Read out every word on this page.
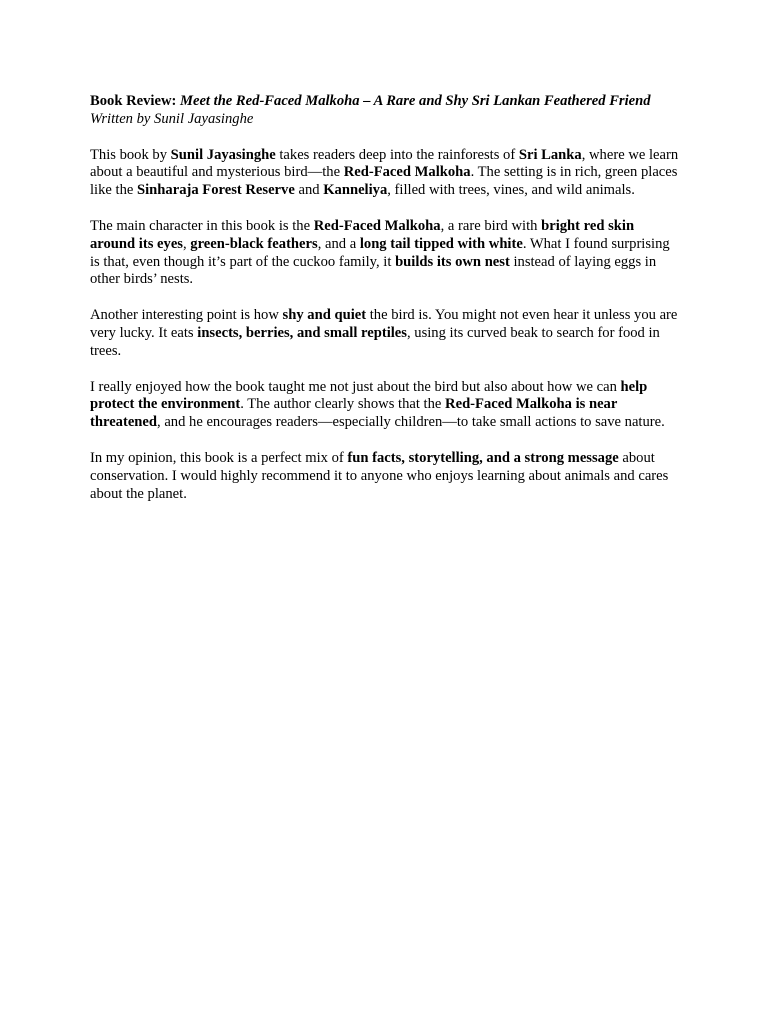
Book Review: Meet the Red-Faced Malkoha – A Rare and Shy Sri Lankan Feathered Friend
Written by Sunil Jayasinghe

This book by Sunil Jayasinghe takes readers deep into the rainforests of Sri Lanka, where we learn about a beautiful and mysterious bird—the Red-Faced Malkoha. The setting is in rich, green places like the Sinharaja Forest Reserve and Kanneliya, filled with trees, vines, and wild animals.

The main character in this book is the Red-Faced Malkoha, a rare bird with bright red skin around its eyes, green-black feathers, and a long tail tipped with white. What I found surprising is that, even though it’s part of the cuckoo family, it builds its own nest instead of laying eggs in other birds’ nests.

Another interesting point is how shy and quiet the bird is. You might not even hear it unless you are very lucky. It eats insects, berries, and small reptiles, using its curved beak to search for food in trees.

I really enjoyed how the book taught me not just about the bird but also about how we can help protect the environment. The author clearly shows that the Red-Faced Malkoha is near threatened, and he encourages readers—especially children—to take small actions to save nature.

In my opinion, this book is a perfect mix of fun facts, storytelling, and a strong message about conservation. I would highly recommend it to anyone who enjoys learning about animals and cares about the planet.
